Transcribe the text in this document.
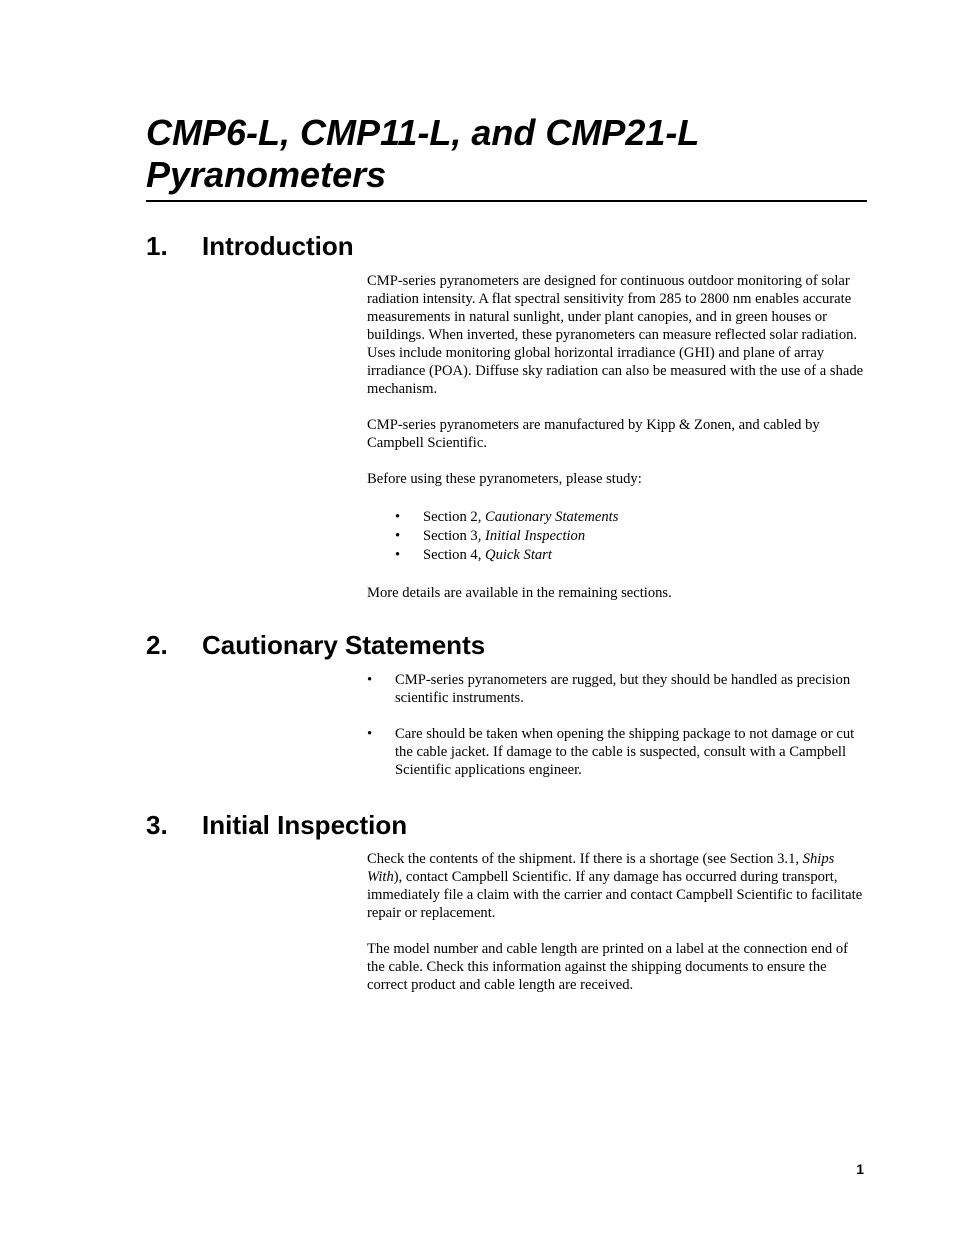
CMP6-L, CMP11-L, and CMP21-L
Pyranometers
1. Introduction

CMP-series pyranometers are designed for continuous outdoor monitoring of solar radiation intensity. A flat spectral sensitivity from 285 to 2800 nm enables accurate measurements in natural sunlight, under plant canopies, and in green houses or buildings. When inverted, these pyranometers can measure reflected solar radiation. Uses include monitoring global horizontal irradiance (GHI) and plane of array irradiance (POA). Diffuse sky radiation can also be measured with the use of a shade mechanism.

CMP-series pyranometers are manufactured by Kipp & Zonen, and cabled by Campbell Scientific.

Before using these pyranometers, please study:

• Section 2, Cautionary Statements
• Section 3, Initial Inspection
• Section 4, Quick Start

More details are available in the remaining sections.

2. Cautionary Statements
• CMP-series pyranometers are rugged, but they should be handled as precision scientific instruments.
• Care should be taken when opening the shipping package to not damage or cut the cable jacket. If damage to the cable is suspected, consult with a Campbell Scientific applications engineer.
3. Initial Inspection

Check the contents of the shipment. If there is a shortage (see Section 3.1, Ships With), contact Campbell Scientific. If any damage has occurred during transport, immediately file a claim with the carrier and contact Campbell Scientific to facilitate repair or replacement.

The model number and cable length are printed on a label at the connection end of the cable. Check this information against the shipping documents to ensure the correct product and cable length are received.

1
